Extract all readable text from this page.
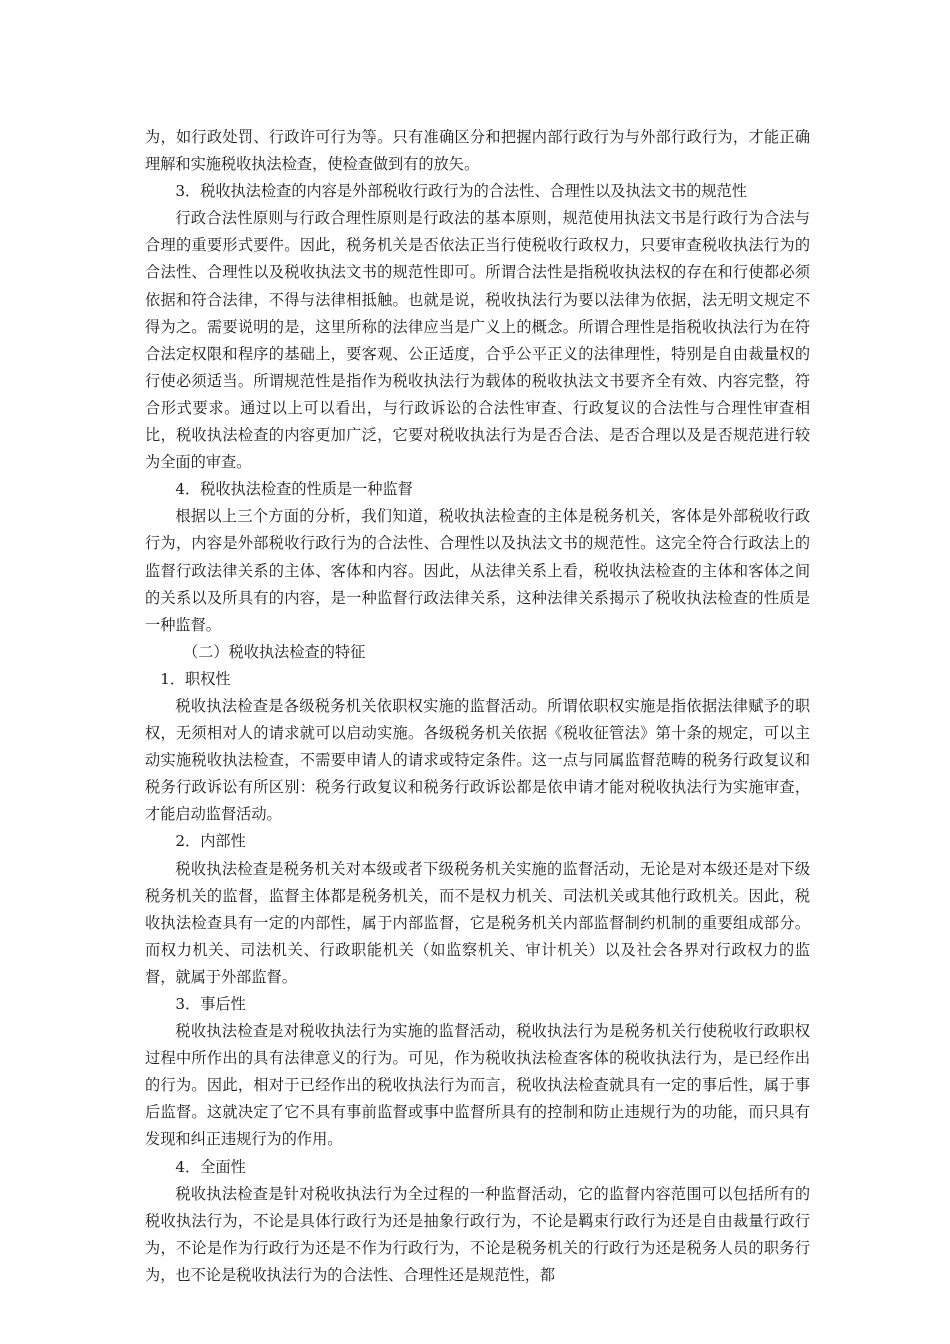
为，如行政处罚、行政许可行为等。只有准确区分和把握内部行政行为与外部行政行为，才能正确理解和实施税收执法检查，使检查做到有的放矢。

3．税收执法检查的内容是外部税收行政行为的合法性、合理性以及执法文书的规范性

行政合法性原则与行政合理性原则是行政法的基本原则，规范使用执法文书是行政行为合法与合理的重要形式要件。因此，税务机关是否依法正当行使税收行政权力，只要审查税收执法行为的合法性、合理性以及税收执法文书的规范性即可。所谓合法性是指税收执法权的存在和行使都必须依据和符合法律，不得与法律相抵触。也就是说，税收执法行为要以法律为依据，法无明文规定不得为之。需要说明的是，这里所称的法律应当是广义上的概念。所谓合理性是指税收执法行为在符合法定权限和程序的基础上，要客观、公正适度，合乎公平正义的法律理性，特别是自由裁量权的行使必须适当。所谓规范性是指作为税收执法行为载体的税收执法文书要齐全有效、内容完整，符合形式要求。通过以上可以看出，与行政诉讼的合法性审查、行政复议的合法性与合理性审查相比，税收执法检查的内容更加广泛，它要对税收执法行为是否合法、是否合理以及是否规范进行较为全面的审查。

4．税收执法检查的性质是一种监督

根据以上三个方面的分析，我们知道，税收执法检查的主体是税务机关，客体是外部税收行政行为，内容是外部税收行政行为的合法性、合理性以及执法文书的规范性。这完全符合行政法上的监督行政法律关系的主体、客体和内容。因此，从法律关系上看，税收执法检查的主体和客体之间的关系以及所具有的内容，是一种监督行政法律关系，这种法律关系揭示了税收执法检查的性质是一种监督。

（二）税收执法检查的特征

1．职权性

税收执法检查是各级税务机关依职权实施的监督活动。所谓依职权实施是指依据法律赋予的职权，无须相对人的请求就可以启动实施。各级税务机关依据《税收征管法》第十条的规定，可以主动实施税收执法检查，不需要申请人的请求或特定条件。这一点与同属监督范畴的税务行政复议和税务行政诉讼有所区别：税务行政复议和税务行政诉讼都是依申请才能对税收执法行为实施审查，才能启动监督活动。

2．内部性

税收执法检查是税务机关对本级或者下级税务机关实施的监督活动，无论是对本级还是对下级税务机关的监督，监督主体都是税务机关，而不是权力机关、司法机关或其他行政机关。因此，税收执法检查具有一定的内部性，属于内部监督，它是税务机关内部监督制约机制的重要组成部分。而权力机关、司法机关、行政职能机关（如监察机关、审计机关）以及社会各界对行政权力的监督，就属于外部监督。

3．事后性

税收执法检查是对税收执法行为实施的监督活动，税收执法行为是税务机关行使税收行政职权过程中所作出的具有法律意义的行为。可见，作为税收执法检查客体的税收执法行为，是已经作出的行为。因此，相对于已经作出的税收执法行为而言，税收执法检查就具有一定的事后性，属于事后监督。这就决定了它不具有事前监督或事中监督所具有的控制和防止违规行为的功能，而只具有发现和纠正违规行为的作用。

4．全面性

税收执法检查是针对税收执法行为全过程的一种监督活动，它的监督内容范围可以包括所有的税收执法行为，不论是具体行政行为还是抽象行政行为，不论是羁束行政行为还是自由裁量行政行为，不论是作为行政行为还是不作为行政行为，不论是税务机关的行政行为还是税务人员的职务行为，也不论是税收执法行为的合法性、合理性还是规范性，都
